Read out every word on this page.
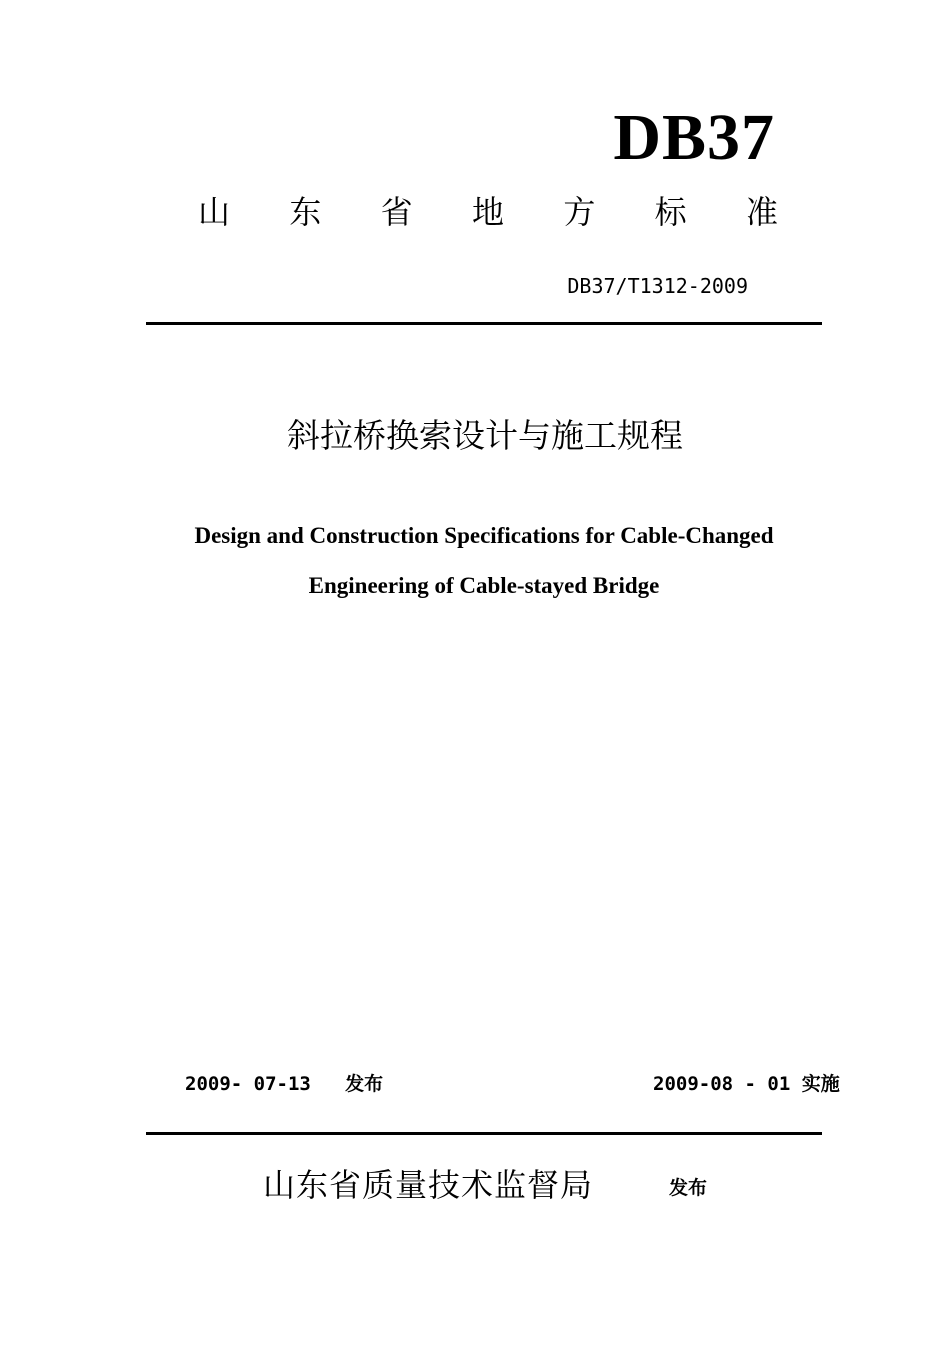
DB37
山 东 省 地 方 标 准
DB37/T1312-2009
斜拉桥换索设计与施工规程
Design and Construction Specifications for Cable-Changed
Engineering of Cable-stayed Bridge
2009- 07-13 发布	2009-08 - 01 实施
山东省质量技术监督局	发布
